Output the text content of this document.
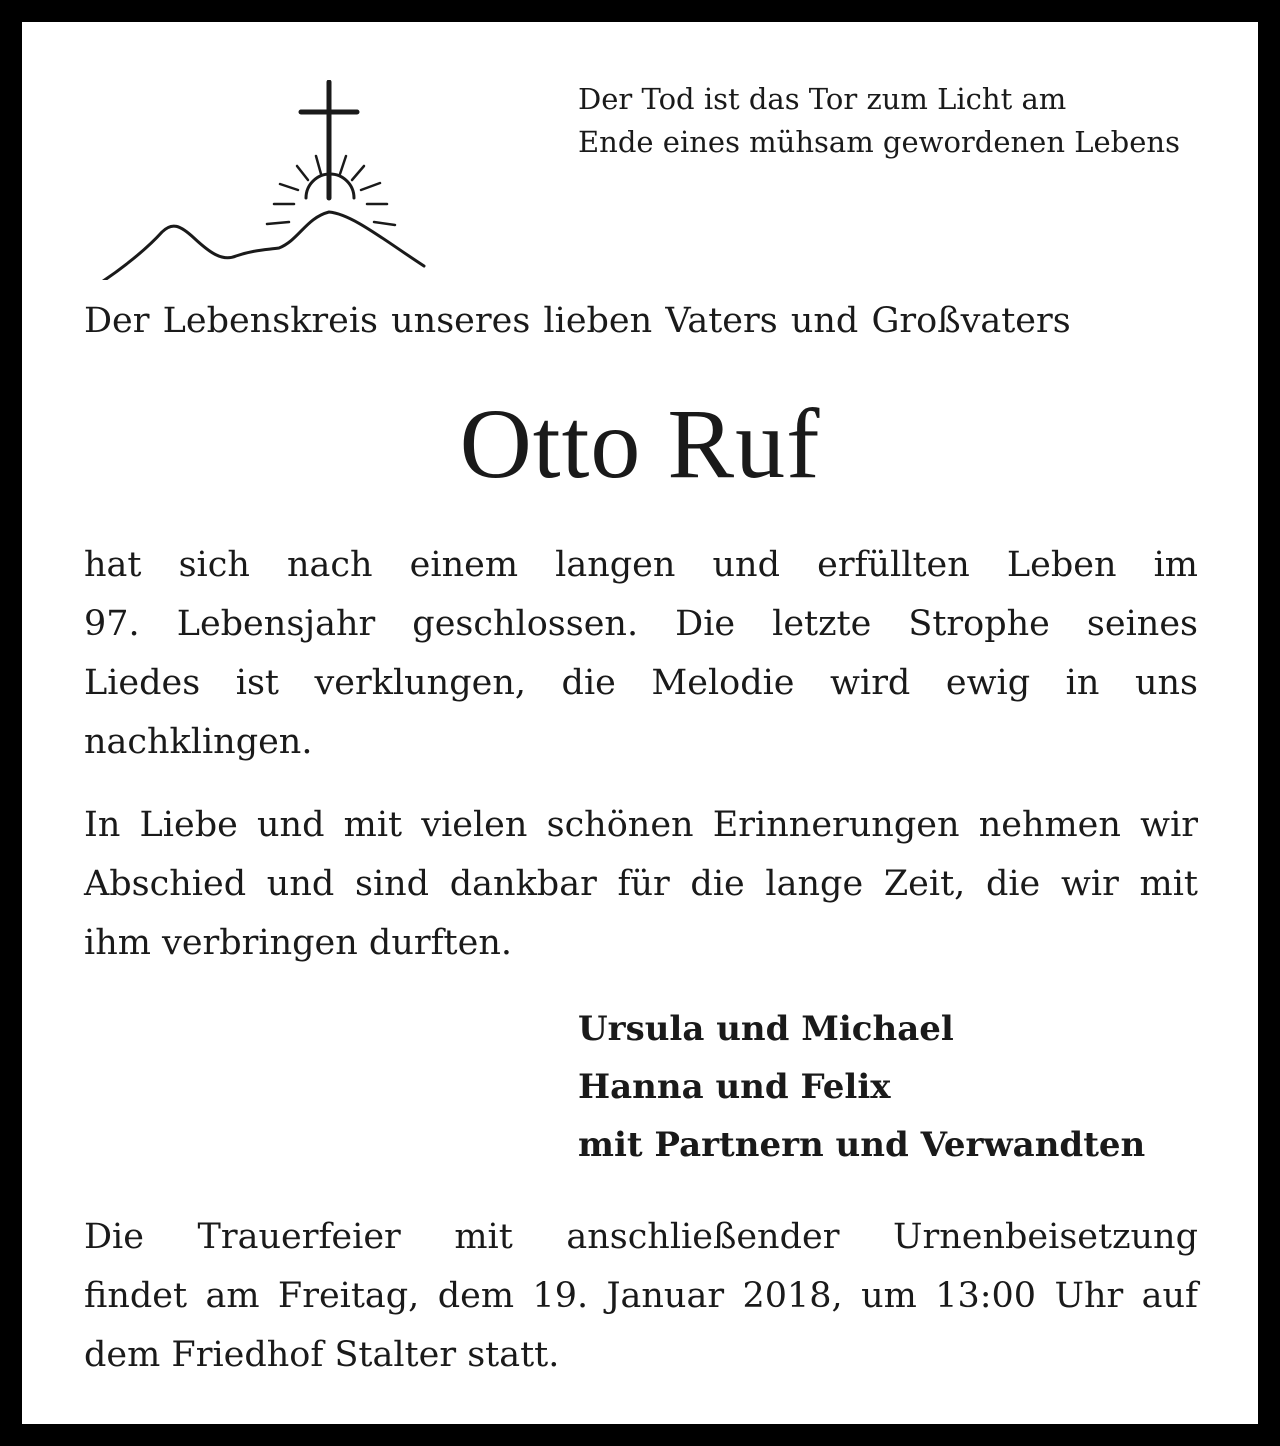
Der Tod ist das Tor zum Licht am
Ende eines mühsam gewordenen Lebens
Der Lebenskreis unseres lieben Vaters und Großvaters
Otto Ruf
hat sich nach einem langen und erfüllten Leben im
97. Lebensjahr geschlossen. Die letzte Strophe seines
Liedes ist verklungen, die Melodie wird ewig in uns
nachklingen.
In Liebe und mit vielen schönen Erinnerungen nehmen wir
Abschied und sind dankbar für die lange Zeit, die wir mit
ihm verbringen durften.
Ursula und Michael
Hanna und Felix
mit Partnern und Verwandten
Die Trauerfeier mit anschließender Urnenbeisetzung
findet am Freitag, dem 19. Januar 2018, um 13:00 Uhr auf
dem Friedhof Stalter statt.
